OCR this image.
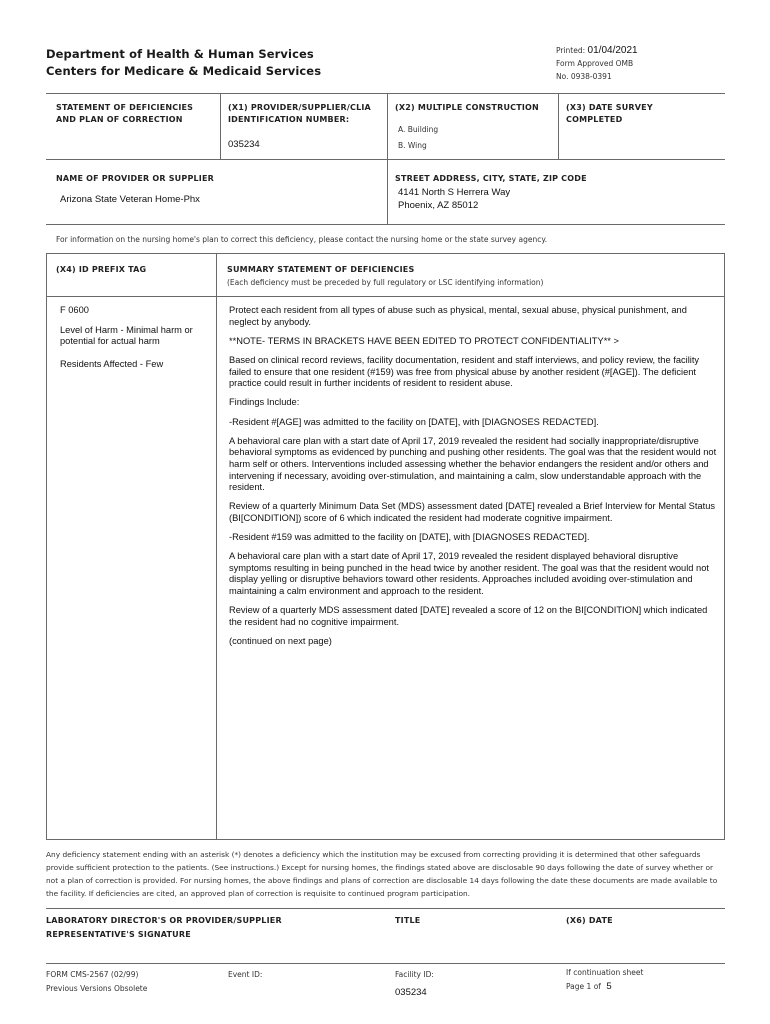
Department of Health & Human Services
Centers for Medicare & Medicaid Services
Printed: 01/04/2021
Form Approved OMB
No. 0938-0391
STATEMENT OF DEFICIENCIES AND PLAN OF CORRECTION
(X1) PROVIDER/SUPPLIER/CLIA IDENTIFICATION NUMBER:
035234
(X2) MULTIPLE CONSTRUCTION
A. Building
B. Wing
(X3) DATE SURVEY COMPLETED
NAME OF PROVIDER OR SUPPLIER
Arizona State Veteran Home-Phx
STREET ADDRESS, CITY, STATE, ZIP CODE
4141 North S Herrera Way
Phoenix, AZ 85012
For information on the nursing home's plan to correct this deficiency, please contact the nursing home or the state survey agency.
(X4) ID PREFIX TAG	SUMMARY STATEMENT OF DEFICIENCIES
(Each deficiency must be preceded by full regulatory or LSC identifying information)
F 0600
Level of Harm - Minimal harm or potential for actual harm
Residents Affected - Few
Protect each resident from all types of abuse such as physical, mental, sexual abuse, physical punishment, and neglect by anybody.
**NOTE- TERMS IN BRACKETS HAVE BEEN EDITED TO PROTECT CONFIDENTIALITY** >
Based on clinical record reviews, facility documentation, resident and staff interviews, and policy review, the facility failed to ensure that one resident (#159) was free from physical abuse by another resident (#[AGE]). The deficient practice could result in further incidents of resident to resident abuse.
Findings Include:
-Resident #[AGE] was admitted to the facility on [DATE], with [DIAGNOSES REDACTED].
A behavioral care plan with a start date of April 17, 2019 revealed the resident had socially inappropriate/disruptive behavioral symptoms as evidenced by punching and pushing other residents. The goal was that the resident would not harm self or others. Interventions included assessing whether the behavior endangers the resident and/or others and intervening if necessary, avoiding over-stimulation, and maintaining a calm, slow understandable approach with the resident.
Review of a quarterly Minimum Data Set (MDS) assessment dated [DATE] revealed a Brief Interview for Mental Status (BI[CONDITION]) score of 6 which indicated the resident had moderate cognitive impairment.
-Resident #159 was admitted to the facility on [DATE], with [DIAGNOSES REDACTED].
A behavioral care plan with a start date of April 17, 2019 revealed the resident displayed behavioral disruptive symptoms resulting in being punched in the head twice by another resident. The goal was that the resident would not display yelling or disruptive behaviors toward other residents. Approaches included avoiding over-stimulation and maintaining a calm environment and approach to the resident.
Review of a quarterly MDS assessment dated [DATE] revealed a score of 12 on the BI[CONDITION] which indicated the resident had no cognitive impairment.
(continued on next page)
Any deficiency statement ending with an asterisk (*) denotes a deficiency which the institution may be excused from correcting providing it is determined that other safeguards provide sufficient protection to the patients. (See instructions.) Except for nursing homes, the findings stated above are disclosable 90 days following the date of survey whether or not a plan of correction is provided. For nursing homes, the above findings and plans of correction are disclosable 14 days following the date these documents are made available to the facility. If deficiencies are cited, an approved plan of correction is requisite to continued program participation.
LABORATORY DIRECTOR'S OR PROVIDER/SUPPLIER REPRESENTATIVE'S SIGNATURE
TITLE	(X6) DATE
FORM CMS-2567 (02/99)
Previous Versions Obsolete
Event ID:	Facility ID:
035234
If continuation sheet
Page 1 of 5
